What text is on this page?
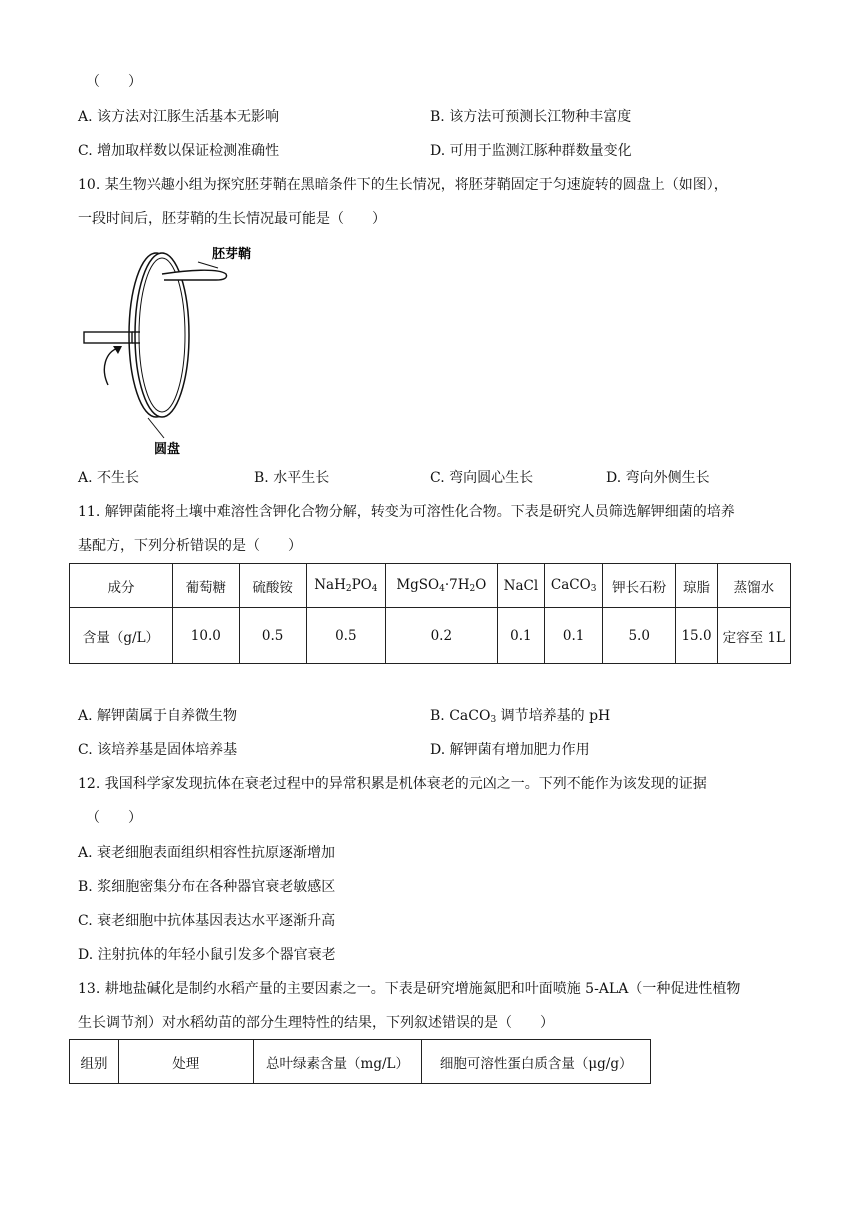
（　　）
A. 该方法对江豚生活基本无影响	B. 该方法可预测长江物种丰富度
C. 增加取样数以保证检测准确性	D. 可用于监测江豚种群数量变化
10. 某生物兴趣小组为探究胚芽鞘在黑暗条件下的生长情况，将胚芽鞘固定于匀速旋转的圆盘上（如图），
一段时间后，胚芽鞘的生长情况最可能是（　　）
胚芽鞘
圆盘
A. 不生长	B. 水平生长	C. 弯向圆心生长	D. 弯向外侧生长
11. 解钾菌能将土壤中难溶性含钾化合物分解，转变为可溶性化合物。下表是研究人员筛选解钾细菌的培养
基配方，下列分析错误的是（　　）
成分	葡萄糖	硫酸铵	$NaH_2PO_4$	$MgSO_4\cdot 7H_2O$	NaCl	CaCO$_3$	钾长石粉	琼脂	蒸馏水
含量（g/L）	10.0	0.5	0.5	0.2	0.1	0.1	5.0	15.0	定容至 1L
A. 解钾菌属于自养微生物	B. CaCO$_3$ 调节培养基的 pH
C. 该培养基是固体培养基	D. 解钾菌有增加肥力作用
12. 我国科学家发现抗体在衰老过程中的异常积累是机体衰老的元凶之一。下列不能作为该发现的证据
（　　）
A. 衰老细胞表面组织相容性抗原逐渐增加
B. 浆细胞密集分布在各种器官衰老敏感区
C. 衰老细胞中抗体基因表达水平逐渐升高
D. 注射抗体的年轻小鼠引发多个器官衰老
13. 耕地盐碱化是制约水稻产量的主要因素之一。下表是研究增施氮肥和叶面喷施 5-ALA（一种促进性植物
生长调节剂）对水稻幼苗的部分生理特性的结果，下列叙述错误的是（　　）
组别	处理	总叶绿素含量（mg/L）	细胞可溶性蛋白质含量（μg/g）
